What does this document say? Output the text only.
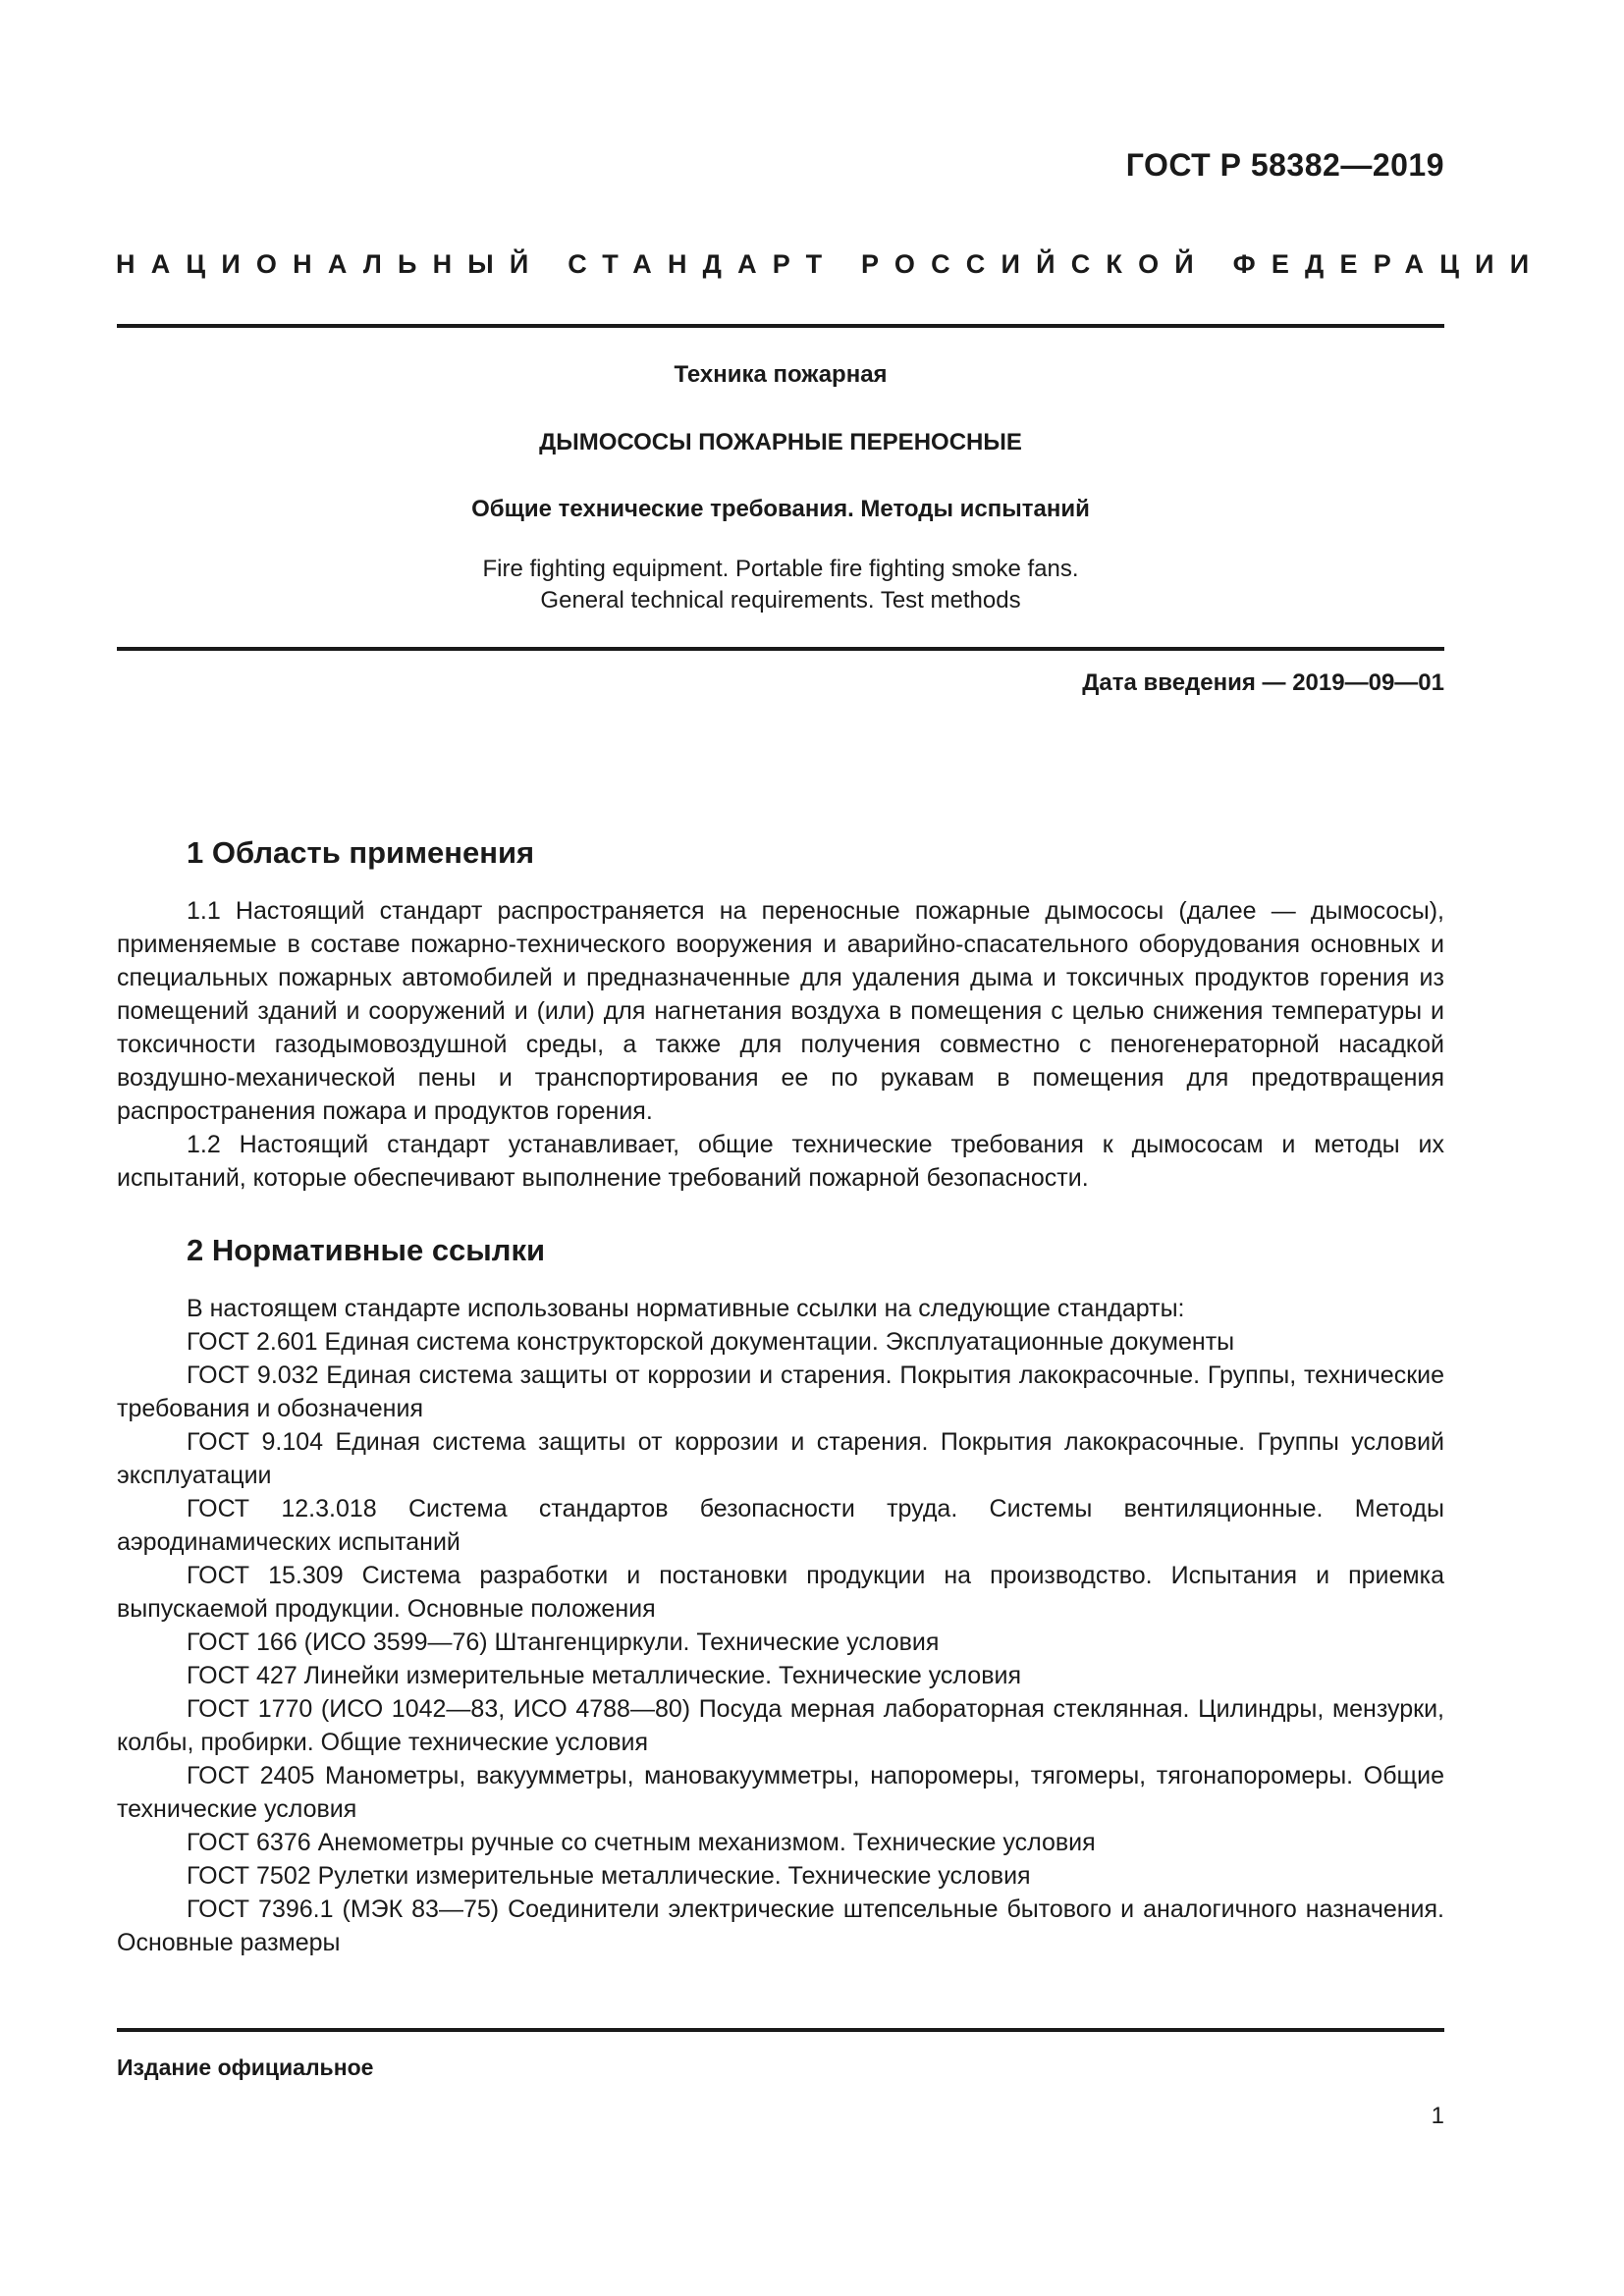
ГОСТ Р 58382—2019
НАЦИОНАЛЬНЫЙ СТАНДАРТ РОССИЙСКОЙ ФЕДЕРАЦИИ
Техника пожарная
ДЫМОСОСЫ ПОЖАРНЫЕ ПЕРЕНОСНЫЕ
Общие технические требования. Методы испытаний
Fire fighting equipment. Portable fire fighting smoke fans.
General technical requirements. Test methods
Дата введения — 2019—09—01
1 Область применения

1.1 Настоящий стандарт распространяется на переносные пожарные дымососы (далее — дымососы), применяемые в составе пожарно-технического вооружения и аварийно-спасательного оборудования основных и специальных пожарных автомобилей и предназначенные для удаления дыма и токсичных продуктов горения из помещений зданий и сооружений и (или) для нагнетания воздуха в помещения с целью снижения температуры и токсичности газодымовоздушной среды, а также для получения совместно с пеногенераторной насадкой воздушно-механической пены и транспортирования ее по рукавам в помещения для предотвращения распространения пожара и продуктов горения.

1.2 Настоящий стандарт устанавливает, общие технические требования к дымососам и методы их испытаний, которые обеспечивают выполнение требований пожарной безопасности.

2 Нормативные ссылки

В настоящем стандарте использованы нормативные ссылки на следующие стандарты:

ГОСТ 2.601 Единая система конструкторской документации. Эксплуатационные документы

ГОСТ 9.032 Единая система защиты от коррозии и старения. Покрытия лакокрасочные. Группы, технические требования и обозначения

ГОСТ 9.104 Единая система защиты от коррозии и старения. Покрытия лакокрасочные. Группы условий эксплуатации

ГОСТ 12.3.018 Система стандартов безопасности труда. Системы вентиляционные. Методы аэродинамических испытаний

ГОСТ 15.309 Система разработки и постановки продукции на производство. Испытания и приемка выпускаемой продукции. Основные положения

ГОСТ 166 (ИСО 3599—76) Штангенциркули. Технические условия

ГОСТ 427 Линейки измерительные металлические. Технические условия

ГОСТ 1770 (ИСО 1042—83, ИСО 4788—80) Посуда мерная лабораторная стеклянная. Цилиндры, мензурки, колбы, пробирки. Общие технические условия

ГОСТ 2405 Манометры, вакуумметры, мановакуумметры, напоромеры, тягомеры, тягонапоромеры. Общие технические условия

ГОСТ 6376 Анемометры ручные со счетным механизмом. Технические условия

ГОСТ 7502 Рулетки измерительные металлические. Технические условия

ГОСТ 7396.1 (МЭК 83—75) Соединители электрические штепсельные бытового и аналогичного назначения. Основные размеры

Издание официальное
1
